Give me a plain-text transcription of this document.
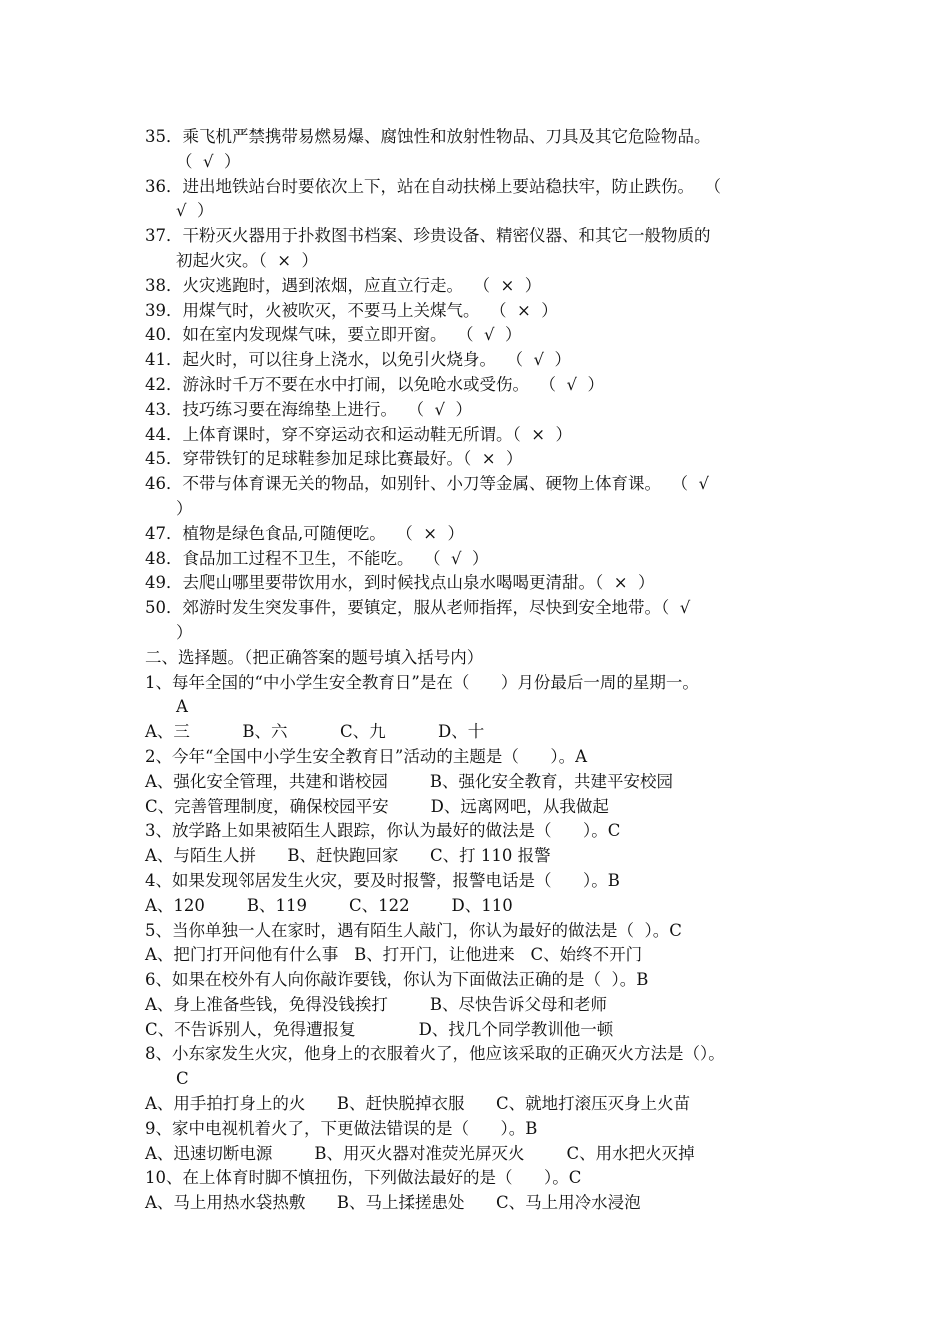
35．乘飞机严禁携带易燃易爆、腐蚀性和放射性物品、刀具及其它危险物品。
（  √  ）
36．进出地铁站台时要依次上下，站在自动扶梯上要站稳扶牢，防止跌伤。  （
√  ）
37．干粉灭火器用于扑救图书档案、珍贵设备、精密仪器、和其它一般物质的
初起火灾。（  ×  ）
38．火灾逃跑时，遇到浓烟，应直立行走。  （  ×  ）
39．用煤气时，火被吹灭，不要马上关煤气。  （  ×  ）
40．如在室内发现煤气味，要立即开窗。  （  √  ）
41．起火时，可以往身上浇水，以免引火烧身。  （  √  ）
42．游泳时千万不要在水中打闹，以免呛水或受伤。  （  √  ）
43．技巧练习要在海绵垫上进行。  （  √  ）
44．上体育课时，穿不穿运动衣和运动鞋无所谓。（  ×  ）
45．穿带铁钉的足球鞋参加足球比赛最好。（  ×  ）
46．不带与体育课无关的物品，如别针、小刀等金属、硬物上体育课。  （  √
）
47．植物是绿色食品,可随便吃。  （  ×  ）
48．食品加工过程不卫生，不能吃。  （  √  ）
49．去爬山哪里要带饮用水，到时候找点山泉水喝喝更清甜。（  ×  ）
50．郊游时发生突发事件，要镇定，服从老师指挥，尽快到安全地带。（  √
）
二、选择题。（把正确答案的题号填入括号内）
1、每年全国的“中小学生安全教育日”是在（      ）月份最后一周的星期一。
A
A、三          B、六          C、九          D、十
2、今年“全国中小学生安全教育日”活动的主题是（      ）。A
A、强化安全管理，共建和谐校园        B、强化安全教育，共建平安校园
C、完善管理制度，确保校园平安        D、远离网吧，从我做起
3、放学路上如果被陌生人跟踪，你认为最好的做法是（      ）。C
A、与陌生人拼      B、赶快跑回家      C、打 110 报警
4、如果发现邻居发生火灾，要及时报警，报警电话是（      ）。B
A、120        B、119        C、122        D、110
5、当你单独一人在家时，遇有陌生人敲门，你认为最好的做法是（  ）。C
A、把门打开问他有什么事   B、打开门，让他进来   C、始终不开门
6、如果在校外有人向你敲诈要钱，你认为下面做法正确的是（  ）。B
A、身上准备些钱，免得没钱挨打        B、尽快告诉父母和老师
C、不告诉别人，免得遭报复            D、找几个同学教训他一顿
8、小东家发生火灾，他身上的衣服着火了，他应该采取的正确灭火方法是（）。
C
A、用手拍打身上的火      B、赶快脱掉衣服      C、就地打滚压灭身上火苗
9、家中电视机着火了，下更做法错误的是（      ）。B
A、迅速切断电源        B、用灭火器对准荧光屏灭火        C、用水把火灭掉
10、在上体育时脚不慎扭伤，下列做法最好的是（      ）。C
A、马上用热水袋热敷      B、马上揉搓患处      C、马上用冷水浸泡
